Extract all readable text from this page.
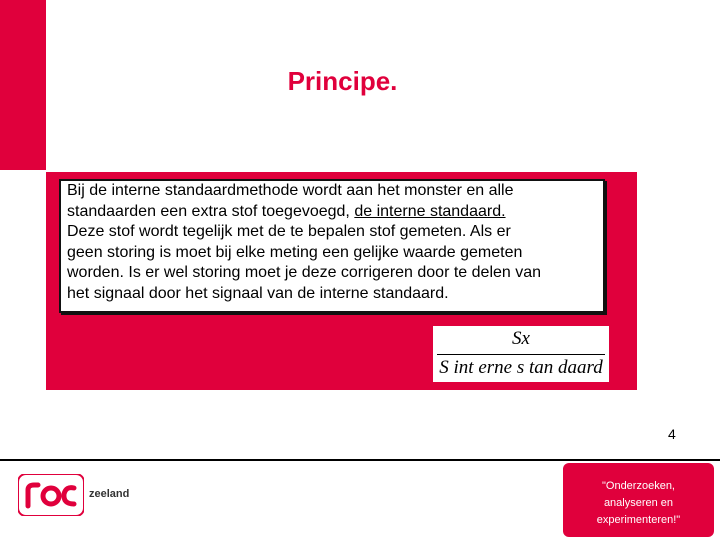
Principe.
Bij de interne standaardmethode wordt aan het monster en alle
standaarden een extra stof toegevoegd, de interne standaard.
Deze stof wordt tegelijk met de te bepalen stof gemeten. Als er
geen storing is moet bij elke meting een gelijke waarde gemeten
worden. Is er wel storing moet je deze corrigeren door te delen van
het signaal door het signaal van de interne standaard.
Sx
S int erne s tan daard
4
zeeland
"Onderzoeken,
analyseren en
experimenteren!"
